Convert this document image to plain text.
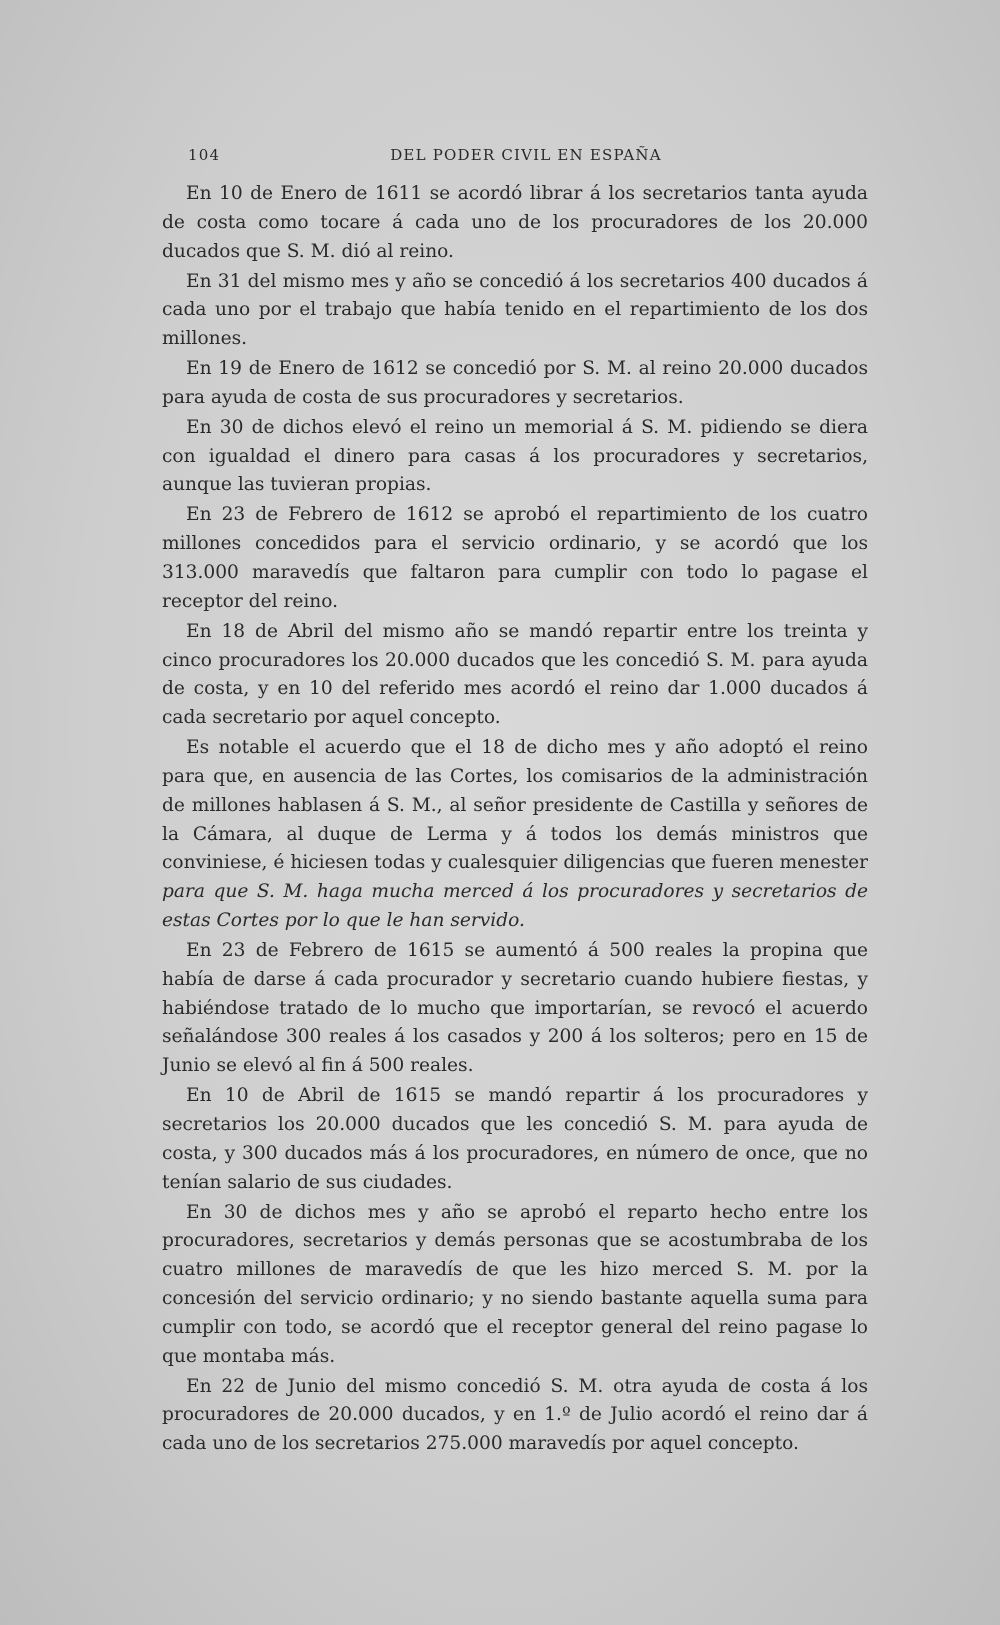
104	DEL PODER CIVIL EN ESPAÑA

En 10 de Enero de 1611 se acordó librar á los secretarios tanta ayuda de costa como tocare á cada uno de los procuradores de los 20.000 ducados que S. M. dió al reino.

En 31 del mismo mes y año se concedió á los secretarios 400 ducados á cada uno por el trabajo que había tenido en el repartimiento de los dos millones.

En 19 de Enero de 1612 se concedió por S. M. al reino 20.000 ducados para ayuda de costa de sus procuradores y secretarios.

En 30 de dichos elevó el reino un memorial á S. M. pidiendo se diera con igualdad el dinero para casas á los procuradores y secretarios, aunque las tuvieran propias.

En 23 de Febrero de 1612 se aprobó el repartimiento de los cuatro millones concedidos para el servicio ordinario, y se acordó que los 313.000 maravedís que faltaron para cumplir con todo lo pagase el receptor del reino.

En 18 de Abril del mismo año se mandó repartir entre los treinta y cinco procuradores los 20.000 ducados que les concedió S. M. para ayuda de costa, y en 10 del referido mes acordó el reino dar 1.000 ducados á cada secretario por aquel concepto.

Es notable el acuerdo que el 18 de dicho mes y año adoptó el reino para que, en ausencia de las Cortes, los comisarios de la administración de millones hablasen á S. M., al señor presidente de Castilla y señores de la Cámara, al duque de Lerma y á todos los demás ministros que conviniese, é hiciesen todas y cualesquier diligencias que fueren menester para que S. M. haga mucha merced á los procuradores y secretarios de estas Cortes por lo que le han servido.

En 23 de Febrero de 1615 se aumentó á 500 reales la propina que había de darse á cada procurador y secretario cuando hubiere fiestas, y habiéndose tratado de lo mucho que importarían, se revocó el acuerdo señalándose 300 reales á los casados y 200 á los solteros; pero en 15 de Junio se elevó al fin á 500 reales.

En 10 de Abril de 1615 se mandó repartir á los procuradores y secretarios los 20.000 ducados que les concedió S. M. para ayuda de costa, y 300 ducados más á los procuradores, en número de once, que no tenían salario de sus ciudades.

En 30 de dichos mes y año se aprobó el reparto hecho entre los procuradores, secretarios y demás personas que se acostumbraba de los cuatro millones de maravedís de que les hizo merced S. M. por la concesión del servicio ordinario; y no siendo bastante aquella suma para cumplir con todo, se acordó que el receptor general del reino pagase lo que montaba más.

En 22 de Junio del mismo concedió S. M. otra ayuda de costa á los procuradores de 20.000 ducados, y en 1.º de Julio acordó el reino dar á cada uno de los secretarios 275.000 maravedís por aquel concepto.
